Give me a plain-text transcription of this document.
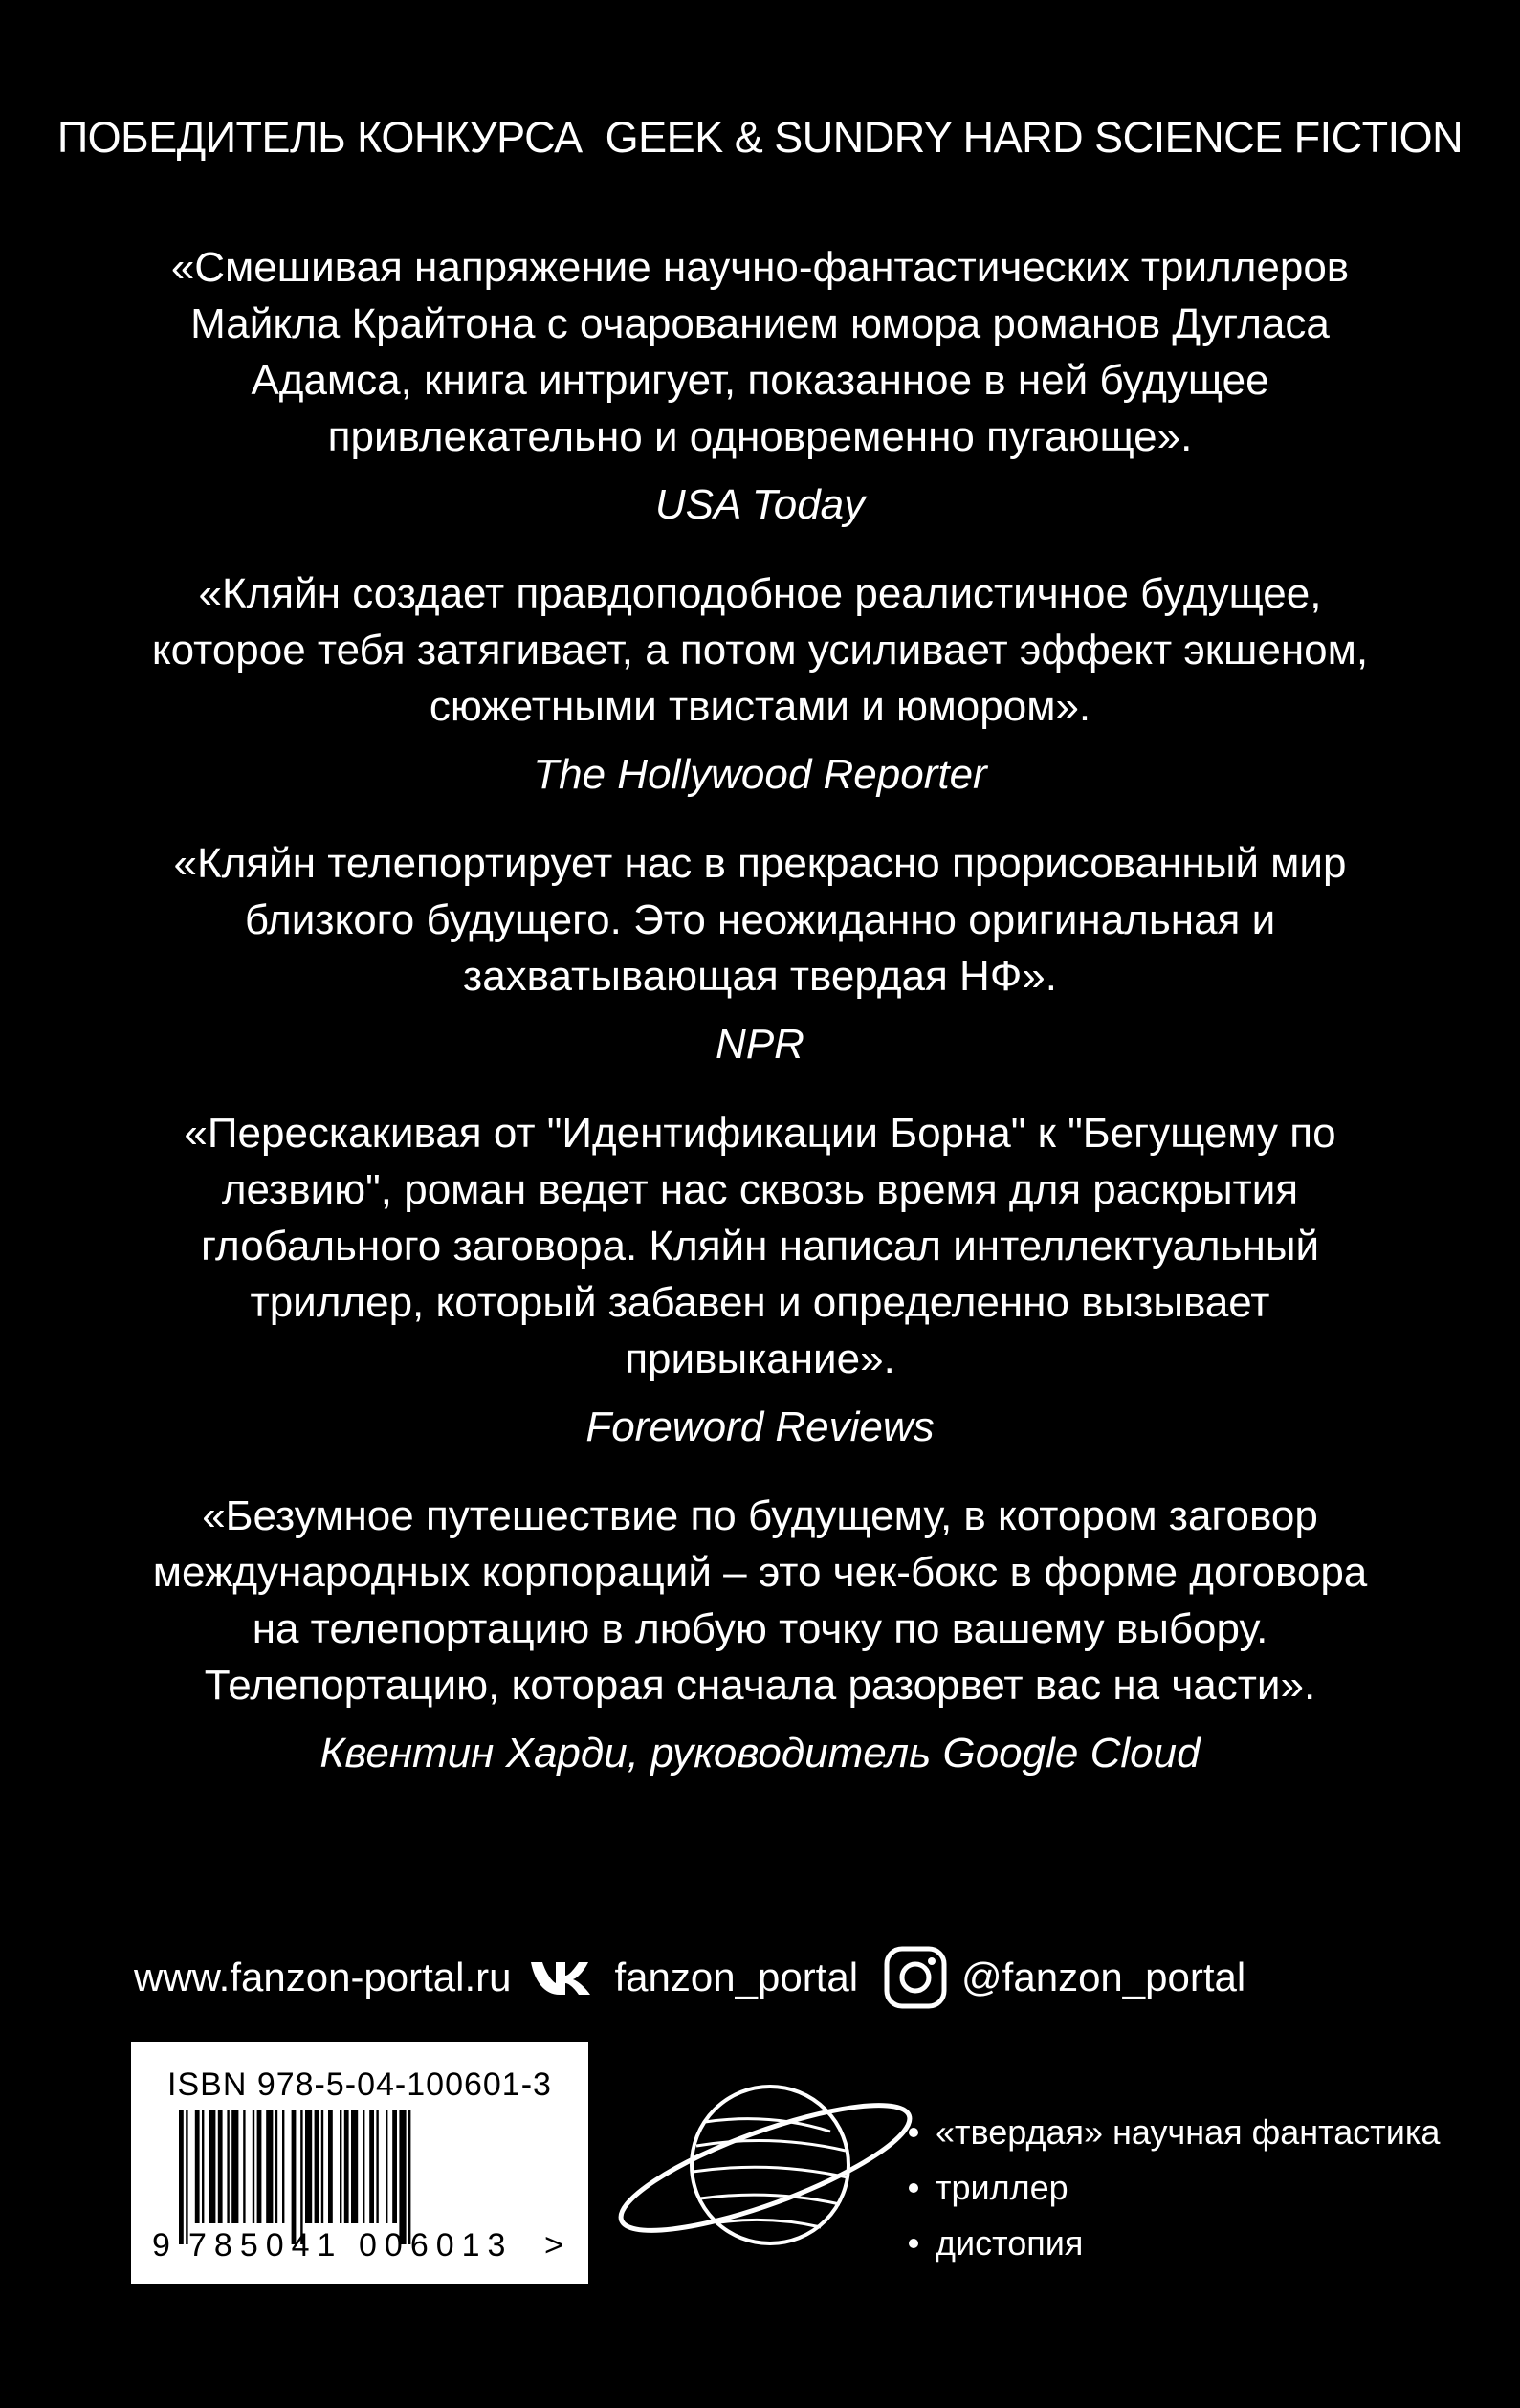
ПОБЕДИТЕЛЬ КОНКУРСА  GEEK & SUNDRY HARD SCIENCE FICTION
«Смешивая напряжение научно-фантастических триллеров
Майкла Крайтона с очарованием юмора романов Дугласа
Адамса, книга интригует, показанное в ней будущее
привлекательно и одновременно пугающе».
USA Today
«Кляйн создает правдоподобное реалистичное будущее,
которое тебя затягивает, а потом усиливает эффект экшеном,
сюжетными твистами и юмором».
The Hollywood Reporter
«Кляйн телепортирует нас в прекрасно прорисованный мир
близкого будущего. Это неожиданно оригинальная и
захватывающая твердая НФ».
NPR
«Перескакивая от "Идентификации Борна" к "Бегущему по
лезвию", роман ведет нас сквозь время для раскрытия
глобального заговора. Кляйн написал интеллектуальный
триллер, который забавен и определенно вызывает
привыкание».
Foreword Reviews
«Безумное путешествие по будущему, в котором заговор
международных корпораций – это чек-бокс в форме договора
на телепортацию в любую точку по вашему выбору.
Телепортацию, которая сначала разорвет вас на части».
Квентин Харди, руководитель Google Cloud
www.fanzon-portal.ru	fanzon_portal	@fanzon_portal
ISBN 978-5-04-100601-3
9 785041 006013 >
«твердая» научная фантастика
триллер
дистопия
